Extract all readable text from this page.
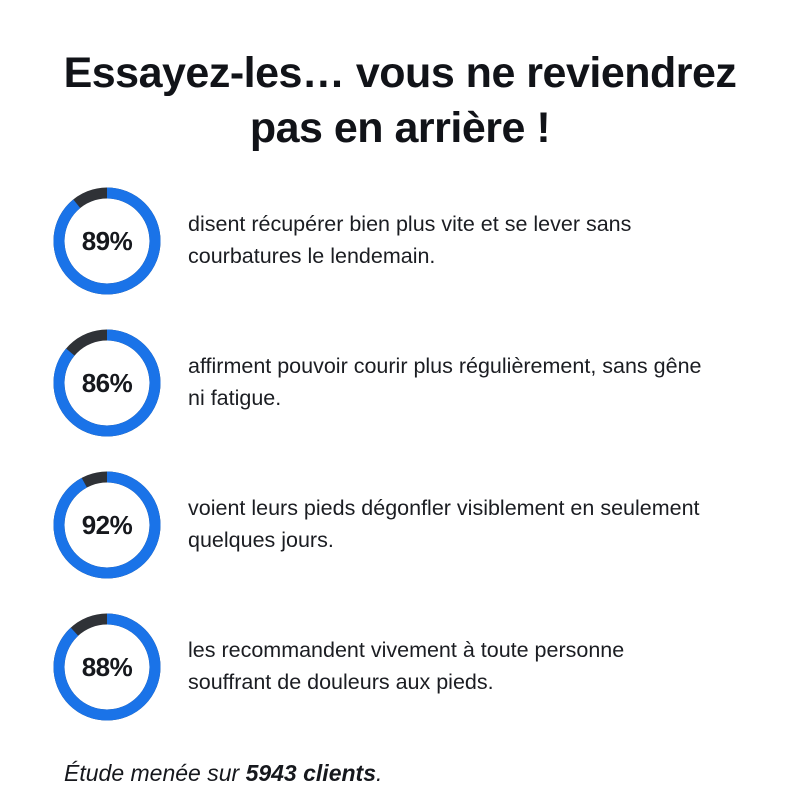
Essayez-les… vous ne reviendrez pas en arrière !
89%
disent récupérer bien plus vite et se lever sans courbatures le lendemain.
86%
affirment pouvoir courir plus régulièrement, sans gêne ni fatigue.
92%
voient leurs pieds dégonfler visiblement en seulement quelques jours.
88%
les recommandent vivement à toute personne souffrant de douleurs aux pieds.
Étude menée sur 5943 clients.
